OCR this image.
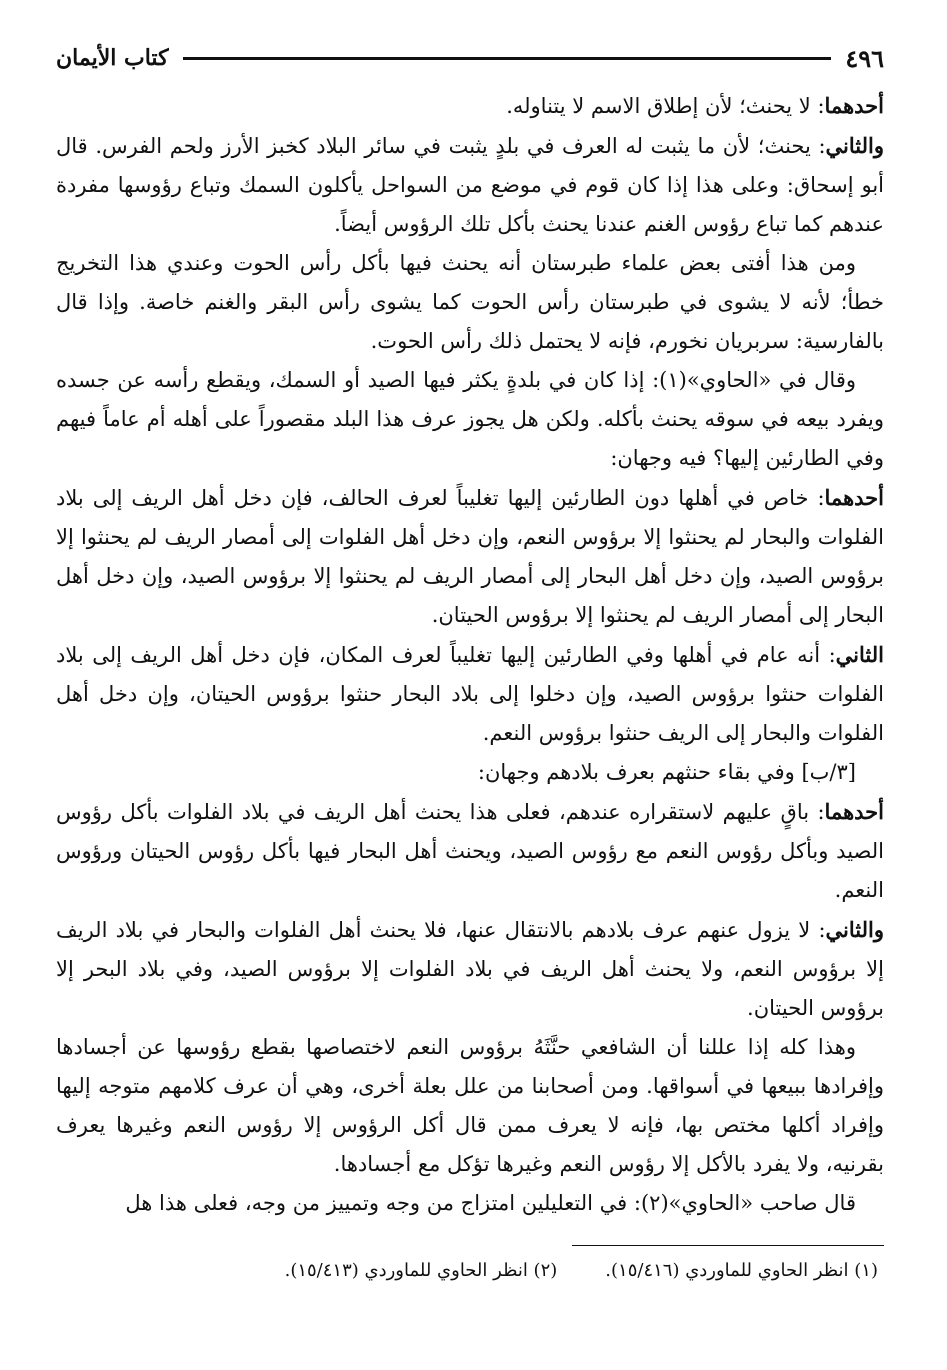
٤٩٦
كتاب الأيمان

أحدهما: لا يحنث؛ لأن إطلاق الاسم لا يتناوله.

والثاني: يحنث؛ لأن ما يثبت له العرف في بلدٍ يثبت في سائر البلاد كخبز الأرز ولحم الفرس. قال أبو إسحاق: وعلى هذا إذا كان قوم في موضع من السواحل يأكلون السمك وتباع رؤوسها مفردة عندهم كما تباع رؤوس الغنم عندنا يحنث بأكل تلك الرؤوس أيضاً.

ومن هذا أفتى بعض علماء طبرستان أنه يحنث فيها بأكل رأس الحوت وعندي هذا التخريج خطأ؛ لأنه لا يشوى في طبرستان رأس الحوت كما يشوى رأس البقر والغنم خاصة. وإذا قال بالفارسية: سربريان نخورم، فإنه لا يحتمل ذلك رأس الحوت.

وقال في «الحاوي»(١): إذا كان في بلدةٍ يكثر فيها الصيد أو السمك، ويقطع رأسه عن جسده ويفرد بيعه في سوقه يحنث بأكله. ولكن هل يجوز عرف هذا البلد مقصوراً على أهله أم عاماً فيهم وفي الطارئين إليها؟ فيه وجهان:

أحدهما: خاص في أهلها دون الطارئين إليها تغليباً لعرف الحالف، فإن دخل أهل الريف إلى بلاد الفلوات والبحار لم يحنثوا إلا برؤوس النعم، وإن دخل أهل الفلوات إلى أمصار الريف لم يحنثوا إلا برؤوس الصيد، وإن دخل أهل البحار إلى أمصار الريف لم يحنثوا إلا برؤوس الصيد، وإن دخل أهل البحار إلى أمصار الريف لم يحنثوا إلا برؤوس الحيتان.

الثاني: أنه عام في أهلها وفي الطارئين إليها تغليباً لعرف المكان، فإن دخل أهل الريف إلى بلاد الفلوات حنثوا برؤوس الصيد، وإن دخلوا إلى بلاد البحار حنثوا برؤوس الحيتان، وإن دخل أهل الفلوات والبحار إلى الريف حنثوا برؤوس النعم.

[٣/ب] وفي بقاء حنثهم بعرف بلادهم وجهان:

أحدهما: باقٍ عليهم لاستقراره عندهم، فعلى هذا يحنث أهل الريف في بلاد الفلوات بأكل رؤوس الصيد وبأكل رؤوس النعم مع رؤوس الصيد، ويحنث أهل البحار فيها بأكل رؤوس الحيتان ورؤوس النعم.

والثاني: لا يزول عنهم عرف بلادهم بالانتقال عنها، فلا يحنث أهل الفلوات والبحار في بلاد الريف إلا برؤوس النعم، ولا يحنث أهل الريف في بلاد الفلوات إلا برؤوس الصيد، وفي بلاد البحر إلا برؤوس الحيتان.

وهذا كله إذا عللنا أن الشافعي حنَّثَهُ برؤوس النعم لاختصاصها بقطع رؤوسها عن أجسادها وإفرادها ببيعها في أسواقها. ومن أصحابنا من علل بعلة أخرى، وهي أن عرف كلامهم متوجه إليها وإفراد أكلها مختص بها، فإنه لا يعرف ممن قال أكل الرؤوس إلا رؤوس النعم وغيرها يعرف بقرنيه، ولا يفرد بالأكل إلا رؤوس النعم وغيرها تؤكل مع أجسادها.

قال صاحب «الحاوي»(٢): في التعليلين امتزاج من وجه وتمييز من وجه، فعلى هذا هل

(١) انظر الحاوي للماوردي (١٥/٤١٦).
(٢) انظر الحاوي للماوردي (١٥/٤١٣).
